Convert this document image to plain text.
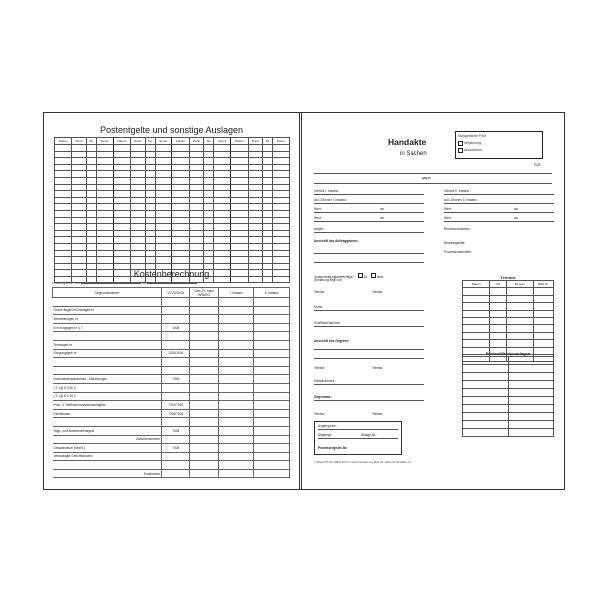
Postentgelte und sonstige Auslagen
Datum	Porto	Tel.	Sonst.	Datum	Porto	Tel.	Sonst.	Datum	Porto	Tel.	Sonst.	Datum	Porto	Tel.	Sonst.

Kostenberechnung
Leistungszeit: von	bis
Gegenstandswert	VV RVG/Gk	Geb.-Fr. nach BRAGO	I. Instanz	II. Instanz

Gesch fteget hr/Grundgeb hr				
Verfahrensgeb hr				
Erh hungsgeb hr § 7	1008			

Termingeb hr				
Einigungsgeb hr	1003/1004			

Dokumentenpauschale - Ablichtungen	7000			
( S. (a) € 0,50 /)				
( S. (a) € 0,15 /)				
Post- u. Telekommunikationsentgelte	7001/7002			
Fahrtkosten	7003/7004			

Tage- und Abwesenheitsgeld	7005			
Zwischensumme				
Umsatzsteuer (MwSt.)	7008			
Verauslagte Gerichtskosten				

Endsumme				
Handakte
in Sachen
Maßgebliche Frist
Verjährung:
Ausschluss:
EUR
gegen
Gericht I. Instanz:	Gericht II. Instanz:
Akt.-Zeichen I. Instanz:	Akt.-Zeichen II. Instanz:
Wert:	ab:	Wert:	ab:
Wert:	ab:	Wert:	ab:
wegen:	Rechtsschutzvers.:
Anschrift des Auftraggebers:	Beratungshilfe:
Prozesskostenhilfe:
Vorsteuerabzugsberechtigt?	Ja	Nein
(Erklärung liegt vor)
Telefon:	Telefax:
Konto:
Schriftwechsel mit:
Anschrift des Gegners:
Telefon:	Telefax:
Haftpflichtvers.:
Gegenanw.:
Telefon:	Telefax:
Termine
Datum	Uhr	Zimmer	Blatt Nr.

Fristen/Wiedervorlagen

Angelegt am:
Abgelegt:	Ablage-Nr.:
Prozessregister-Nr.:
© Zhap PKS Tel. 02631-87 07-0 www.formulare.org Best.-Nr. 2612-0-0 Handakte a.o.
